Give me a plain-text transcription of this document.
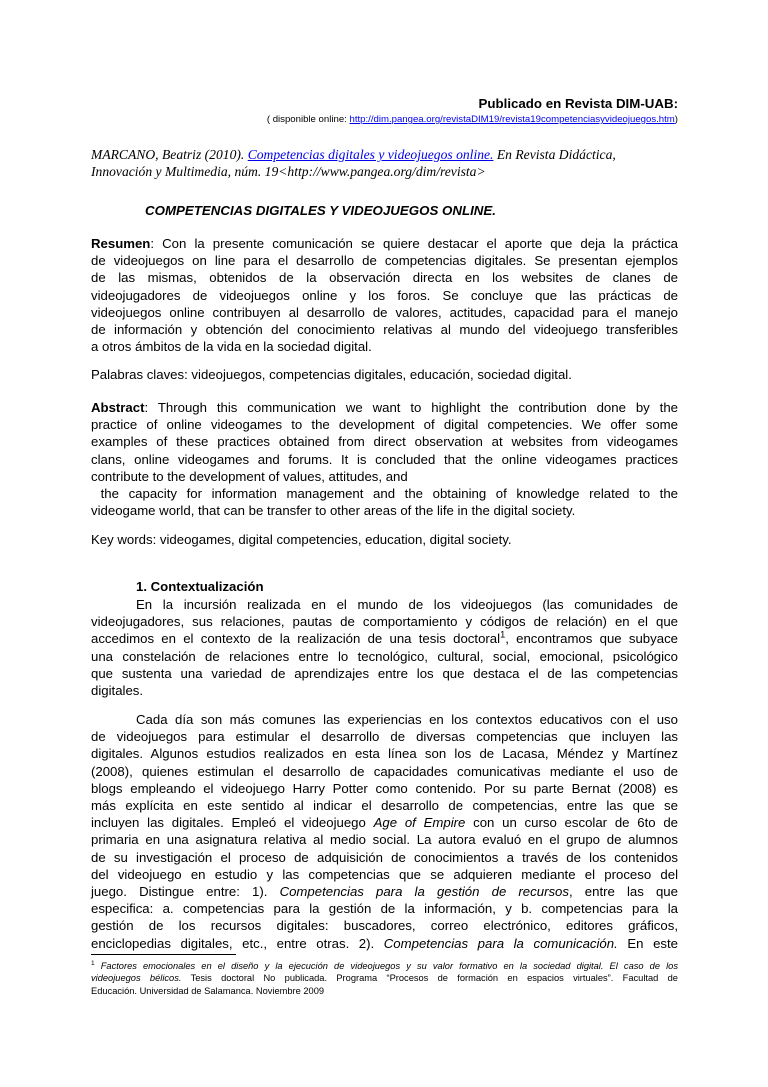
Publicado en Revista DIM-UAB:
( disponible online: http://dim.pangea.org/revistaDIM19/revista19competenciasyvideojuegos.htm)
MARCANO, Beatriz (2010). Competencias digitales y videojuegos online. En Revista Didáctica,
Innovación y Multimedia, núm. 19<http://www.pangea.org/dim/revista>
COMPETENCIAS DIGITALES Y VIDEOJUEGOS ONLINE.
Resumen: Con la presente comunicación se quiere destacar el aporte que deja la práctica
de videojuegos on line para el desarrollo de competencias digitales. Se presentan ejemplos
de las mismas, obtenidos de la observación directa en los websites de clanes de
videojugadores de videojuegos online y los foros. Se concluye que las prácticas de
videojuegos online contribuyen al desarrollo de valores, actitudes, capacidad para el manejo
de información y obtención del conocimiento relativas al mundo del videojuego transferibles
a otros ámbitos de la vida en la sociedad digital.
Palabras claves: videojuegos, competencias digitales, educación, sociedad digital.
Abstract: Through this communication we want to highlight the contribution done by the
practice of online videogames to the development of digital competencies. We offer some
examples of these practices obtained from direct observation at websites from videogames
clans, online videogames and forums. It is concluded that the online videogames practices
contribute to the development of values, attitudes, and
the capacity for information management and the obtaining of knowledge related to the
videogame world, that can be transfer to other areas of the life in the digital society.
Key words: videogames, digital competencies, education, digital society.
1. Contextualización
En la incursión realizada en el mundo de los videojuegos (las comunidades de
videojugadores, sus relaciones, pautas de comportamiento y códigos de relación) en el que
accedimos en el contexto de la realización de una tesis doctoral$^1$, encontramos que subyace
una constelación de relaciones entre lo tecnológico, cultural, social, emocional, psicológico
que sustenta una variedad de aprendizajes entre los que destaca el de las competencias
digitales.
Cada día son más comunes las experiencias en los contextos educativos con el uso
de videojuegos para estimular el desarrollo de diversas competencias que incluyen las
digitales. Algunos estudios realizados en esta línea son los de Lacasa, Méndez y Martínez
(2008), quienes estimulan el desarrollo de capacidades comunicativas mediante el uso de
blogs empleando el videojuego Harry Potter como contenido. Por su parte Bernat (2008) es
más explícita en este sentido al indicar el desarrollo de competencias, entre las que se
incluyen las digitales. Empleó el videojuego Age of Empire con un curso escolar de 6to de
primaria en una asignatura relativa al medio social. La autora evaluó en el grupo de alumnos
de su investigación el proceso de adquisición de conocimientos a través de los contenidos
del videojuego en estudio y las competencias que se adquieren mediante el proceso del
juego. Distingue entre: 1). Competencias para la gestión de recursos, entre las que
especifica: a. competencias para la gestión de la información, y b. competencias para la
gestión de los recursos digitales: buscadores, correo electrónico, editores gráficos,
enciclopedias digitales, etc., entre otras. 2). Competencias para la comunicación. En este
$^1$ Factores emocionales en el diseño y la ejecución de videojuegos y su valor formativo en la sociedad digital. El caso de los
videojuegos bélicos. Tesis doctoral No publicada. Programa “Procesos de formación en espacios virtuales”. Facultad de
Educación. Universidad de Salamanca. Noviembre 2009
